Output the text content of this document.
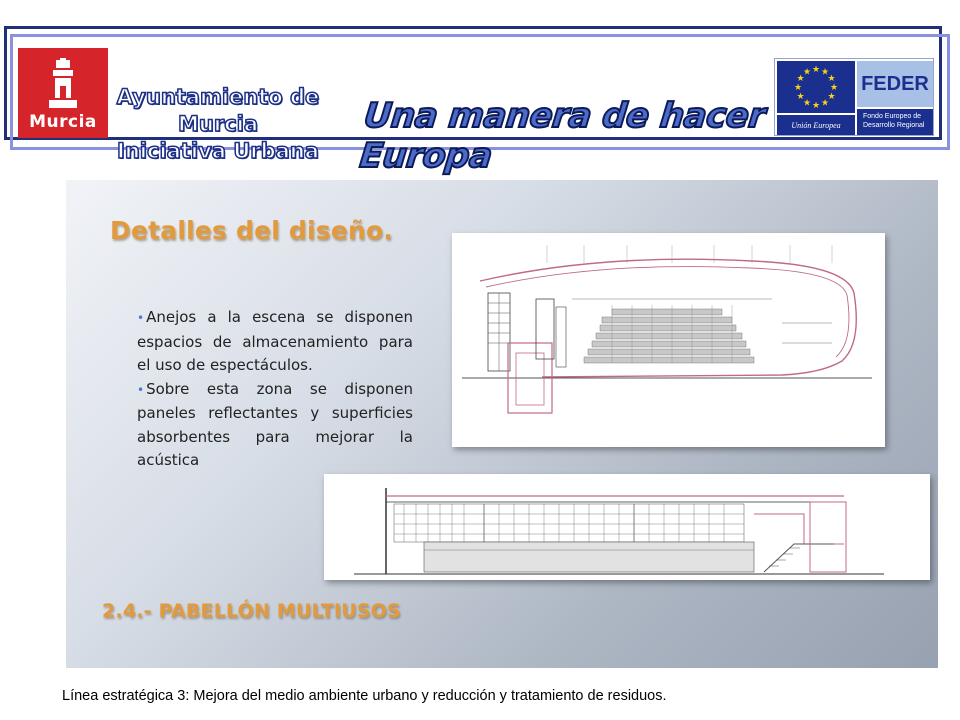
Murcia
Ayuntamiento de Murcia
Iniciativa Urbana
Una manera de hacer Europa
★ ★
★
★
★
★
★
★
★
★
★
★
Unión Europea
FEDER
Fondo Europeo de
Desarrollo Regional
Detalles del diseño.
• Anejos a la escena se disponen espacios de almacenamiento para el uso de espectáculos.
• Sobre esta zona se disponen paneles reflectantes y superficies absorbentes para mejorar la acústica
2.4.- PABELLÓN MULTIUSOS
Línea estratégica 3: Mejora del medio ambiente urbano y reducción y tratamiento de residuos.
